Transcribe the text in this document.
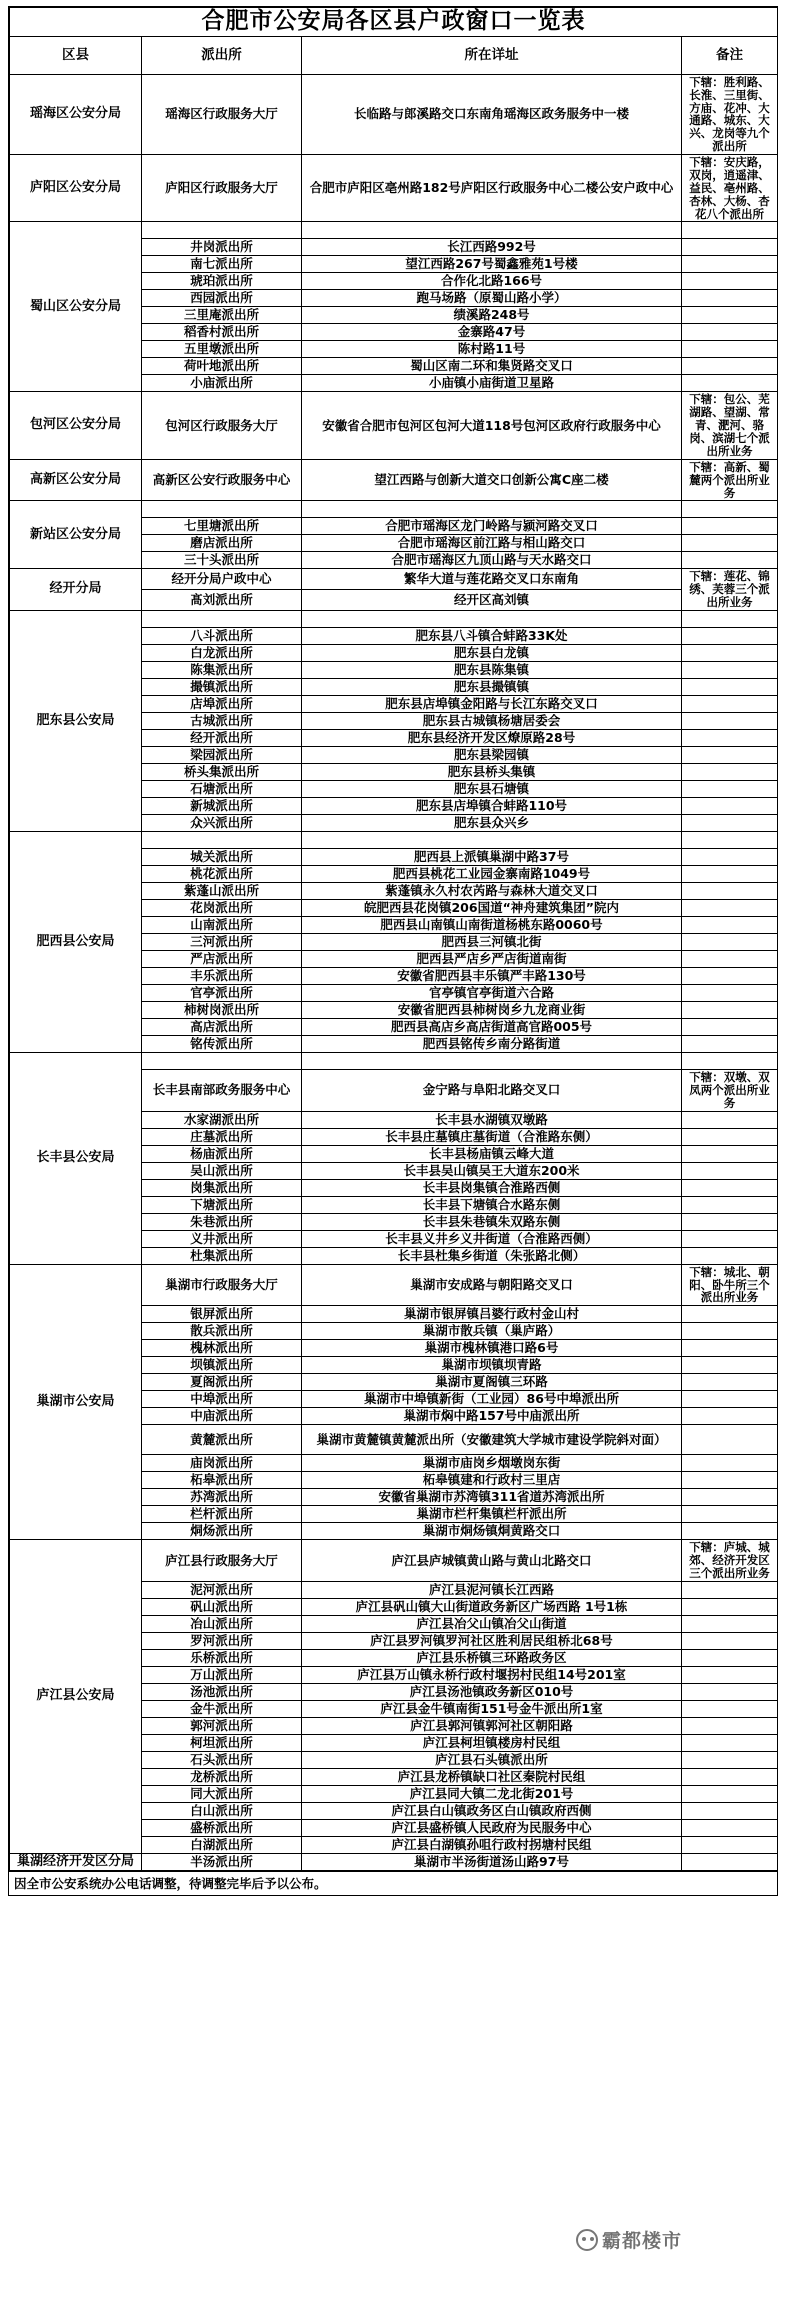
合肥市公安局各区县户政窗口一览表			
区县	派出所	所在详址	备注
瑶海区公安分局	瑶海区行政服务大厅	长临路与郎溪路交口东南角瑶海区政务服务中一楼	下辖：胜利路、长淮、三里街、方庙、花冲、大通路、城东、大兴、龙岗等九个派出所
庐阳区公安分局	庐阳区行政服务大厅	合肥市庐阳区亳州路182号庐阳区行政服务中心二楼公安户政中心	下辖：安庆路，双岗，逍遥津、益民、亳州路、杏林、大杨、杏花八个派出所
蜀山区公安分局			
	井岗派出所	长江西路992号	
	南七派出所	望江西路267号蜀鑫雅苑1号楼	
	琥珀派出所	合作化北路166号	
	西园派出所	跑马场路（原蜀山路小学）	
	三里庵派出所	绩溪路248号	
	稻香村派出所	金寨路47号	
	五里墩派出所	陈村路11号	
	荷叶地派出所	蜀山区南二环和集贤路交叉口	
	小庙派出所	小庙镇小庙街道卫星路	
包河区公安分局	包河区行政服务大厅	安徽省合肥市包河区包河大道118号包河区政府行政服务中心	下辖：包公、芜湖路、望湖、常青、淝河、骆岗、滨湖七个派出所业务
高新区公安分局	高新区公安行政服务中心	望江西路与创新大道交口创新公寓C座二楼	下辖：高新、蜀麓两个派出所业务
新站区公安分局			
	七里塘派出所	合肥市瑶海区龙门岭路与颍河路交叉口	
	磨店派出所	合肥市瑶海区前江路与相山路交口	
	三十头派出所	合肥市瑶海区九顶山路与天水路交口	
经开分局	经开分局户政中心	繁华大道与莲花路交叉口东南角	下辖：莲花、锦绣、芙蓉三个派出所业务
	髙刘派出所	经开区高刘镇	
肥东县公安局			
	八斗派出所	肥东县八斗镇合蚌路33K处	
	白龙派出所	肥东县白龙镇	
	陈集派出所	肥东县陈集镇	
	撮镇派出所	肥东县撮镇镇	
	店埠派出所	肥东县店埠镇金阳路与长江东路交叉口	
	古城派出所	肥东县古城镇杨塘居委会	
	经开派出所	肥东县经济开发区燎原路28号	
	梁园派出所	肥东县梁园镇	
	桥头集派出所	肥东县桥头集镇	
	石塘派出所	肥东县石塘镇	
	新城派出所	肥东县店埠镇合蚌路110号	
	众兴派出所	肥东县众兴乡	
肥西县公安局			
	城关派出所	肥西县上派镇巢湖中路37号	
	桃花派出所	肥西县桃花工业园金寨南路1049号	
	紫蓬山派出所	紫蓬镇永久村农芮路与森林大道交叉口	
	花岗派出所	皖肥西县花岗镇206国道“神舟建筑集团”院内	
	山南派出所	肥西县山南镇山南街道杨桃东路0060号	
	三河派出所	肥西县三河镇北街	
	严店派出所	肥西县严店乡严店街道南街	
	丰乐派出所	安徽省肥西县丰乐镇严丰路130号	
	官亭派出所	官亭镇官亭街道六合路	
	柿树岗派出所	安徽省肥西县柿树岗乡九龙商业街	
	高店派出所	肥西县高店乡高店街道高官路005号	
	铭传派出所	肥西县铭传乡南分路街道	
长丰县公安局			
	长丰县南部政务服务中心	金宁路与阜阳北路交叉口	下辖：双墩、双凤两个派出所业务
	水家湖派出所	长丰县水湖镇双墩路	
	庄墓派出所	长丰县庄墓镇庄墓街道（合淮路东侧）	
	杨庙派出所	长丰县杨庙镇云峰大道	
	吴山派出所	长丰县吴山镇吴王大道东200米	
	岗集派出所	长丰县岗集镇合淮路西侧	
	下塘派出所	长丰县下塘镇合水路东侧	
	朱巷派出所	长丰县朱巷镇朱双路东侧	
	义井派出所	长丰县义井乡义井街道（合淮路西侧）	
	杜集派出所	长丰县杜集乡街道（朱张路北侧）	
巢湖市公安局	巢湖市行政服务大厅	巢湖市安成路与朝阳路交叉口	下辖：城北、朝阳、卧牛所三个派出所业务
	银屏派出所	巢湖市银屏镇吕婆行政村金山村	
	散兵派出所	巢湖市散兵镇（巢庐路）	
	槐林派出所	巢湖市槐林镇港口路6号	
	坝镇派出所	巢湖市坝镇坝青路	
	夏阁派出所	巢湖市夏阁镇三环路	
	中埠派出所	巢湖市中埠镇新街（工业园）86号中埠派出所	
	中庙派出所	巢湖市焖中路157号中庙派出所	
	黄麓派出所	巢湖市黄麓镇黄麓派出所（安徽建筑大学城市建设学院斜对面）	
	庙岗派出所	巢湖市庙岗乡烟墩岗东街	
	柘皋派出所	柘皋镇建和行政村三里店	
	苏湾派出所	安徽省巢湖市苏湾镇311省道苏湾派出所	
	栏杆派出所	巢湖市栏杆集镇栏杆派出所	
	烔炀派出所	巢湖市烔炀镇烔黄路交口	
庐江县公安局	庐江县行政服务大厅	庐江县庐城镇黄山路与黄山北路交口	下辖：庐城、城郊、经济开发区三个派出所业务
	泥河派出所	庐江县泥河镇长江西路	
	矾山派出所	庐江县矾山镇大山街道政务新区广场西路 1号1栋	
	冶山派出所	庐江县冶父山镇冶父山街道	
	罗河派出所	庐江县罗河镇罗河社区胜利居民组桥北68号	
	乐桥派出所	庐江县乐桥镇三环路政务区	
	万山派出所	庐江县万山镇永桥行政村堰拐村民组14号201室	
	汤池派出所	庐江县汤池镇政务新区010号	
	金牛派出所	庐江县金牛镇南街151号金牛派出所1室	
	郭河派出所	庐江县郭河镇郭河社区朝阳路	
	柯坦派出所	庐江县柯坦镇楼房村民组	
	石头派出所	庐江县石头镇派出所	
	龙桥派出所	庐江县龙桥镇缺口社区秦院村民组	
	同大派出所	庐江县同大镇二龙北街201号	
	白山派出所	庐江县白山镇政务区白山镇政府西侧	
	盛桥派出所	庐江县盛桥镇人民政府为民服务中心	
	白湖派出所	庐江县白湖镇孙咀行政村拐塘村民组	
巢湖经济开发区分局	半汤派出所	巢湖市半汤街道汤山路97号	
因全市公安系统办公电话调整，待调整完毕后予以公布。
霸都楼市
